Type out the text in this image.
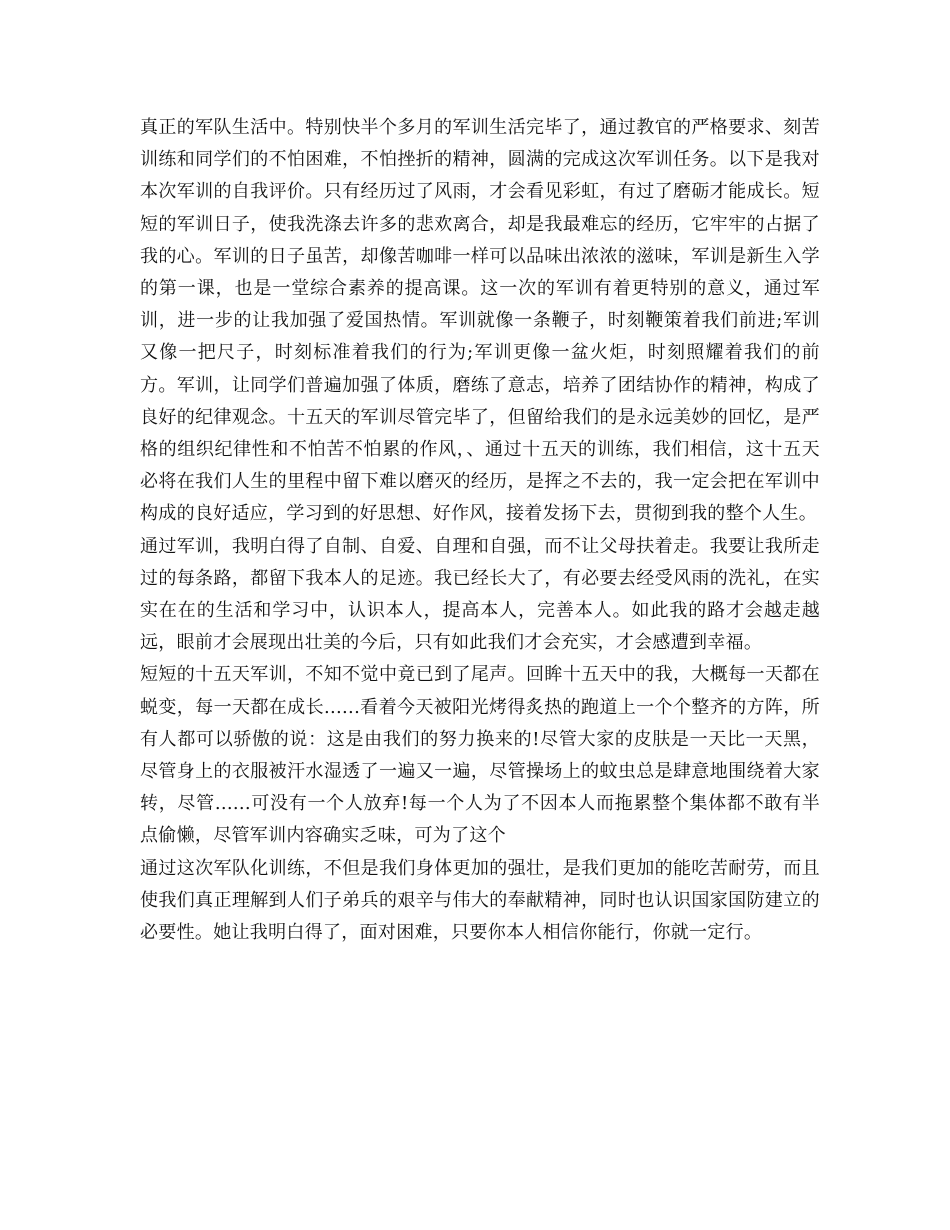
真正的军队生活中。特别快半个多月的军训生活完毕了，通过教官的严格要求、刻苦训练和同学们的不怕困难，不怕挫折的精神，圆满的完成这次军训任务。以下是我对本次军训的自我评价。只有经历过了风雨，才会看见彩虹，有过了磨砺才能成长。短短的军训日子，使我洗涤去许多的悲欢离合，却是我最难忘的经历，它牢牢的占据了我的心。军训的日子虽苦，却像苦咖啡一样可以品味出浓浓的滋味，军训是新生入学的第一课，也是一堂综合素养的提高课。这一次的军训有着更特别的意义，通过军训，进一步的让我加强了爱国热情。军训就像一条鞭子，时刻鞭策着我们前进;军训又像一把尺子，时刻标准着我们的行为;军训更像一盆火炬，时刻照耀着我们的前方。军训，让同学们普遍加强了体质，磨练了意志，培养了团结协作的精神，构成了良好的纪律观念。十五天的军训尽管完毕了，但留给我们的是永远美妙的回忆，是严格的组织纪律性和不怕苦不怕累的作风，、通过十五天的训练，我们相信，这十五天必将在我们人生的里程中留下难以磨灭的经历，是挥之不去的，我一定会把在军训中构成的良好适应，学习到的好思想、好作风，接着发扬下去，贯彻到我的整个人生。

通过军训，我明白得了自制、自爱、自理和自强，而不让父母扶着走。我要让我所走过的每条路，都留下我本人的足迹。我已经长大了，有必要去经受风雨的洗礼，在实实在在的生活和学习中，认识本人，提高本人，完善本人。如此我的路才会越走越远，眼前才会展现出壮美的今后，只有如此我们才会充实，才会感遭到幸福。

短短的十五天军训，不知不觉中竟已到了尾声。回眸十五天中的我，大概每一天都在蜕变，每一天都在成长......看着今天被阳光烤得炙热的跑道上一个个整齐的方阵，所有人都可以骄傲的说：这是由我们的努力换来的!尽管大家的皮肤是一天比一天黑，尽管身上的衣服被汗水湿透了一遍又一遍，尽管操场上的蚊虫总是肆意地围绕着大家转，尽管......可没有一个人放弃!每一个人为了不因本人而拖累整个集体都不敢有半点偷懒，尽管军训内容确实乏味，可为了这个

通过这次军队化训练，不但是我们身体更加的强壮，是我们更加的能吃苦耐劳，而且使我们真正理解到人们子弟兵的艰辛与伟大的奉献精神，同时也认识国家国防建立的必要性。她让我明白得了，面对困难，只要你本人相信你能行，你就一定行。
